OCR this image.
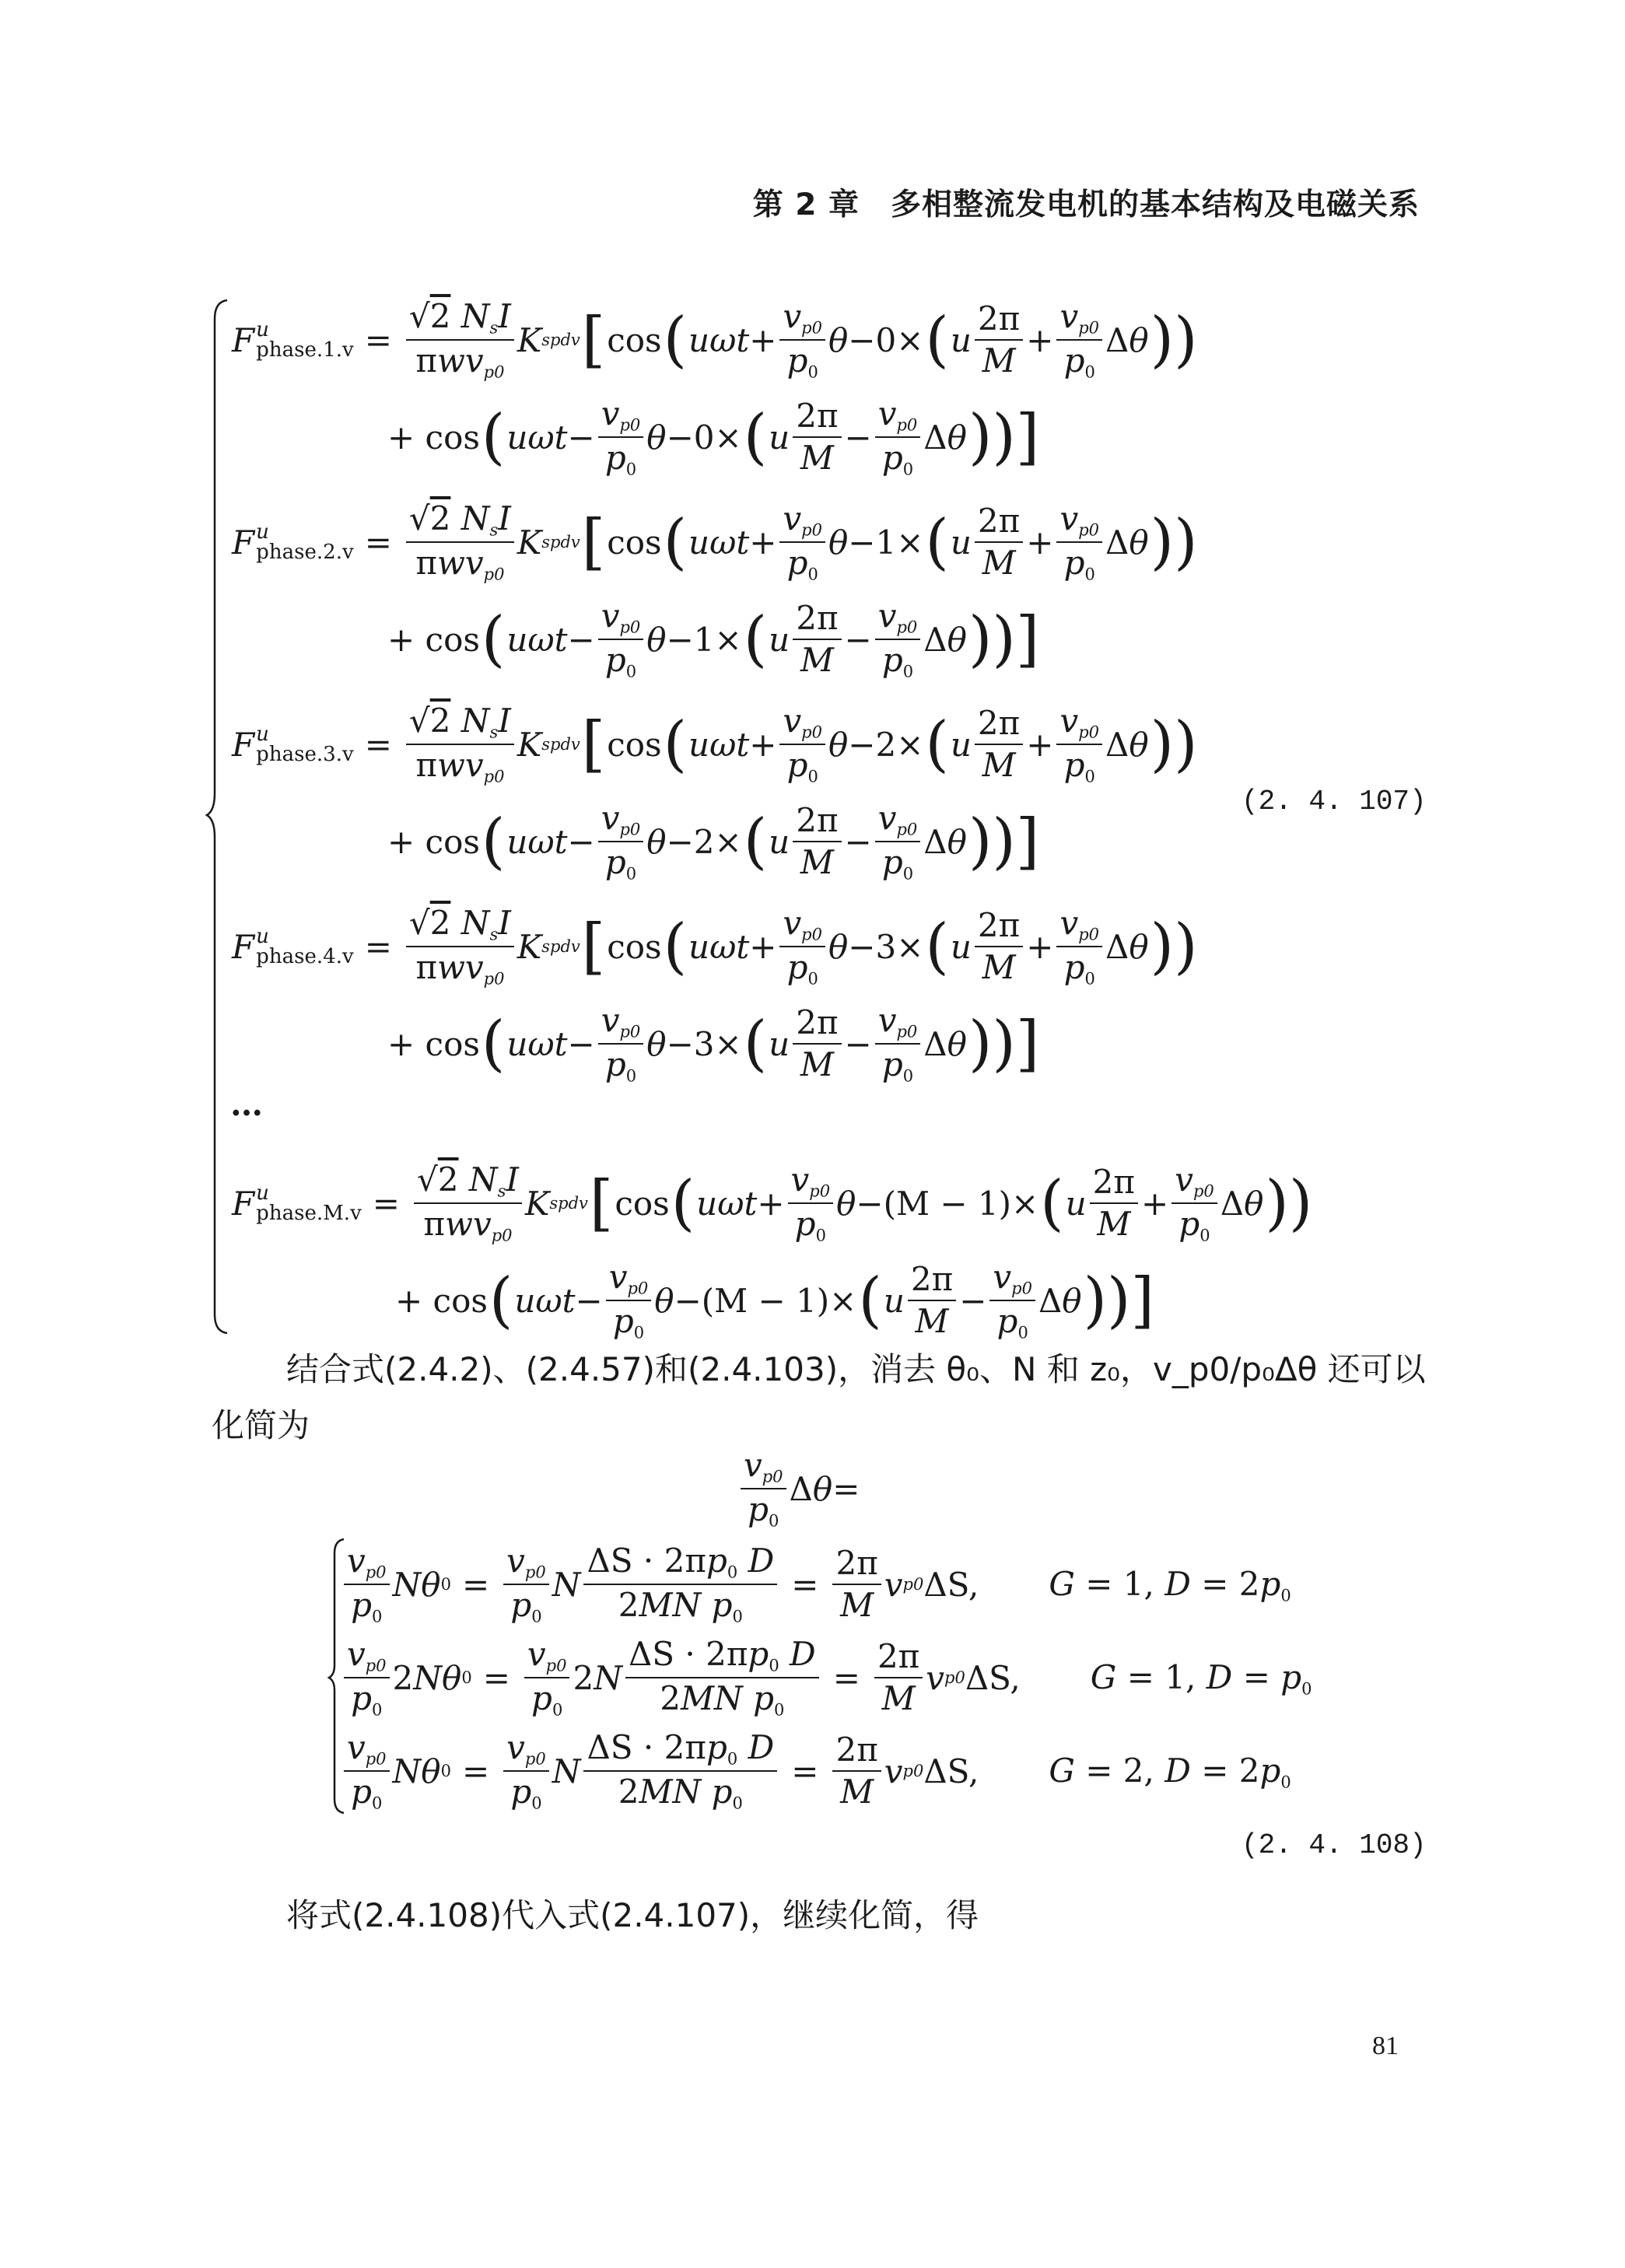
第 2 章　多相整流发电机的基本结构及电磁关系
F u
phase.1.v = $\frac{√2 N_sI}{\pi wv_{p0}}$ K spdv [ cos ( $u\omega t + \frac{v_{p0}}{p_0}$ θ − 0 × ( u $\frac{2\pi}{M} + \frac{v_{p0}}{p_0}$ Δ θ ))
+ cos ( $u\omega t - \frac{v_{p0}}{p_0}$ θ − 0 × ( u $\frac{2\pi}{M} - \frac{v_{p0}}{p_0}$ Δ θ ))]
F u
phase.2.v = $\frac{√2 N_sI}{\pi wv_{p0}}$ K spdv [ cos ( $u\omega t + \frac{v_{p0}}{p_0}$ θ − 1 × ( u $\frac{2\pi}{M} + \frac{v_{p0}}{p_0}$ Δ θ ))
+ cos ( $u\omega t - \frac{v_{p0}}{p_0}$ θ − 1 × ( u $\frac{2\pi}{M} - \frac{v_{p0}}{p_0}$ Δ θ ))]
F u
phase.3.v = $\frac{√2 N_sI}{\pi wv_{p0}}$ K spdv [ cos ( $u\omega t + \frac{v_{p0}}{p_0}$ θ − 2 × ( u $\frac{2\pi}{M} + \frac{v_{p0}}{p_0}$ Δ θ ))
+ cos ( $u\omega t - \frac{v_{p0}}{p_0}$ θ − 2 × ( u $\frac{2\pi}{M} - \frac{v_{p0}}{p_0}$ Δ θ ))]
F u
phase.4.v = $\frac{√2 N_sI}{\pi wv_{p0}}$ K spdv [ cos ( $u\omega t + \frac{v_{p0}}{p_0}$ θ − 3 × ( u $\frac{2\pi}{M} + \frac{v_{p0}}{p_0}$ Δ θ ))
+ cos ( $u\omega t - \frac{v_{p0}}{p_0}$ θ − 3 × ( u $\frac{2\pi}{M} - \frac{v_{p0}}{p_0}$ Δ θ ))]
F u
phase.M.v = $\frac{√2 N_sI}{\pi wv_{p0}}$ K spdv [ cos ( $u\omega t + \frac{v_{p0}}{p_0}$ θ − (M − 1) × ( u $\frac{2\pi}{M} + \frac{v_{p0}}{p_0}$ Δ θ ))
+ cos ( $u\omega t - \frac{v_{p0}}{p_0}$ θ − (M − 1) × ( u $\frac{2\pi}{M} - \frac{v_{p0}}{p_0}$ Δ θ ))]
…
(2. 4. 107)
结合式(2.4.2)、(2.4.57)和(2.4.103)，消去 θ₀、N 和 z₀，v_p0/p₀Δθ 还可以
化简为
$\frac{v_{p0}}{p_0}$ Δ θ =
$\frac{v_{p0}}{p_0}$ N θ $0 = \frac{v_{p0}}{p_0}$ N $\frac{\Delta S \cdot 2\pi p_0 D}{2MN p_0} = \frac{2\pi}{M}$ v p0 ΔS, G = 1, $D = 2p_0$
$\frac{v_{p0}}{p_0} 2$ N θ $0 = \frac{v_{p0}}{p_0} 2$ N $\frac{\Delta S \cdot 2\pi p_0 D}{2MN p_0} = \frac{2\pi}{M}$ v p0 ΔS, G = 1, $D = p_0$
$\frac{v_{p0}}{p_0}$ N θ $0 = \frac{v_{p0}}{p_0}$ N $\frac{\Delta S \cdot 2\pi p_0 D}{2MN p_0} = \frac{2\pi}{M}$ v p0 ΔS, G = 2, $D = 2p_0$
(2. 4. 108)
将式(2.4.108)代入式(2.4.107)，继续化简，得
81
